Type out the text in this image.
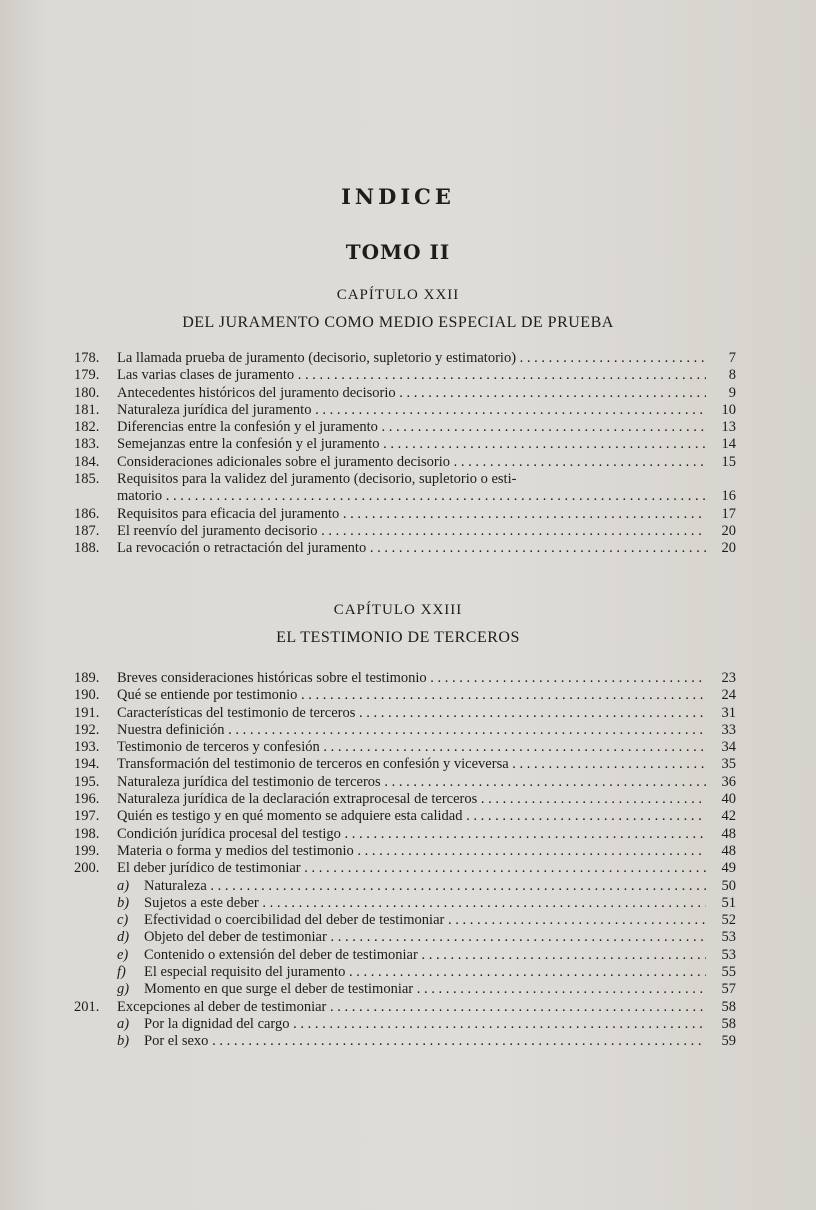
INDICE
TOMO II
CAPÍTULO XXII
DEL JURAMENTO COMO MEDIO ESPECIAL DE PRUEBA
178.	La llamada prueba de juramento (decisorio, supletorio y estimatorio) . . .	7
179.	Las varias clases de juramento . . .	8
180.	Antecedentes históricos del juramento decisorio . . .	9
181.	Naturaleza jurídica del juramento . . .	10
182.	Diferencias entre la confesión y el juramento . . .	13
183.	Semejanzas entre la confesión y el juramento . . .	14
184.	Consideraciones adicionales sobre el juramento decisorio . . .	15
185.	Requisitos para la validez del juramento (decisorio, supletorio o esti-
matorio . . .	16
186.	Requisitos para eficacia del juramento . . .	17
187.	El reenvío del juramento decisorio . . .	20
188.	La revocación o retractación del juramento . . .	20
CAPÍTULO XXIII
EL TESTIMONIO DE TERCEROS
189.	Breves consideraciones históricas sobre el testimonio . . .	23
190.	Qué se entiende por testimonio . . .	24
191.	Características del testimonio de terceros . . .	31
192.	Nuestra definición . . .	33
193.	Testimonio de terceros y confesión . . .	34
194.	Transformación del testimonio de terceros en confesión y viceversa . . .	35
195.	Naturaleza jurídica del testimonio de terceros . . .	36
196.	Naturaleza jurídica de la declaración extraprocesal de terceros . . .	40
197.	Quién es testigo y en qué momento se adquiere esta calidad . . .	42
198.	Condición jurídica procesal del testigo . . .	48
199.	Materia o forma y medios del testimonio . . .	48
200.	El deber jurídico de testimoniar . . .	49
a)	Naturaleza . . .	50
b)	Sujetos a este deber . . .	51
c)	Efectividad o coercibilidad del deber de testimoniar . . .	52
d)	Objeto del deber de testimoniar . . .	53
e)	Contenido o extensión del deber de testimoniar . . .	53
f)	El especial requisito del juramento . . .	55
g)	Momento en que surge el deber de testimoniar . . .	57
201.	Excepciones al deber de testimoniar . . .	58
a)	Por la dignidad del cargo . . .	58
b)	Por el sexo . . .	59
